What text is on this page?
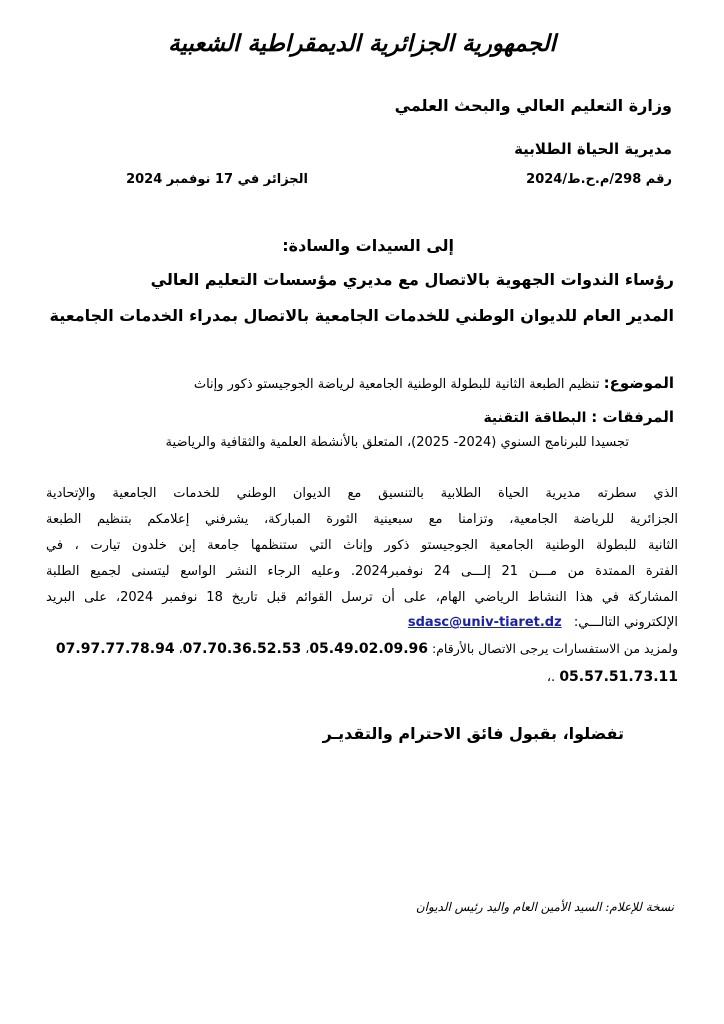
الجمهورية الجزائرية الديمقراطية الشعبية
وزارة التعليم العالي والبحث العلمي
مديرية الحياة الطلابية
رقم 298/م.ح.ط/2024
الجزائر في 17 نوفمبر 2024
إلى السيدات والسادة:
رؤساء الندوات الجهوية بالاتصال مع مديري مؤسسات التعليم العالي
المدير العام للديوان الوطني للخدمات الجامعية بالاتصال بمدراء الخدمات الجامعية
الموضوع: تنظيم الطبعة الثانية للبطولة الوطنية الجامعية لرياضة الجوجيستو ذكور وإناث
المرفقات : البطاقة التقنية
تجسيدا للبرنامج السنوي (2024- 2025)، المتعلق بالأنشطة العلمية والثقافية والرياضية
الذي سطرته مديرية الحياة الطلابية بالتنسيق مع الديوان الوطني للخدمات الجامعية والإتحادية
الجزائرية للرياضة الجامعية، وتزامنا مع سبعينية الثورة المباركة، يشرفني إعلامكم بتنظيم الطبعة
الثانية للبطولة الوطنية الجامعية الجوجيستو ذكور وإناث التي ستنظمها جامعة إبن خلدون تيارت ، في
الفترة الممتدة من مـــن 21 إلـــى 24 نوفمبر2024. وعليه الرجاء النشر الواسع ليتسنى لجميع الطلبة
المشاركة في هذا النشاط الرياضي الهام، على أن ترسل القوائم قبل تاريخ 18 نوفمبر 2024، على البريد
الإلكتروني التالـــي: sdasc@univ-tiaret.dz
ولمزيد من الاستفسارات يرجى الاتصال بالأرقام: 05.49.02.09.96، 07.70.36.52.53، 07.97.77.78.94
05.57.51.73.11 .،
تفضلوا، بقبول فائق الاحترام والتقديـر
نسخة للإعلام: السيد الأمين العام واليد رئيس الديوان
